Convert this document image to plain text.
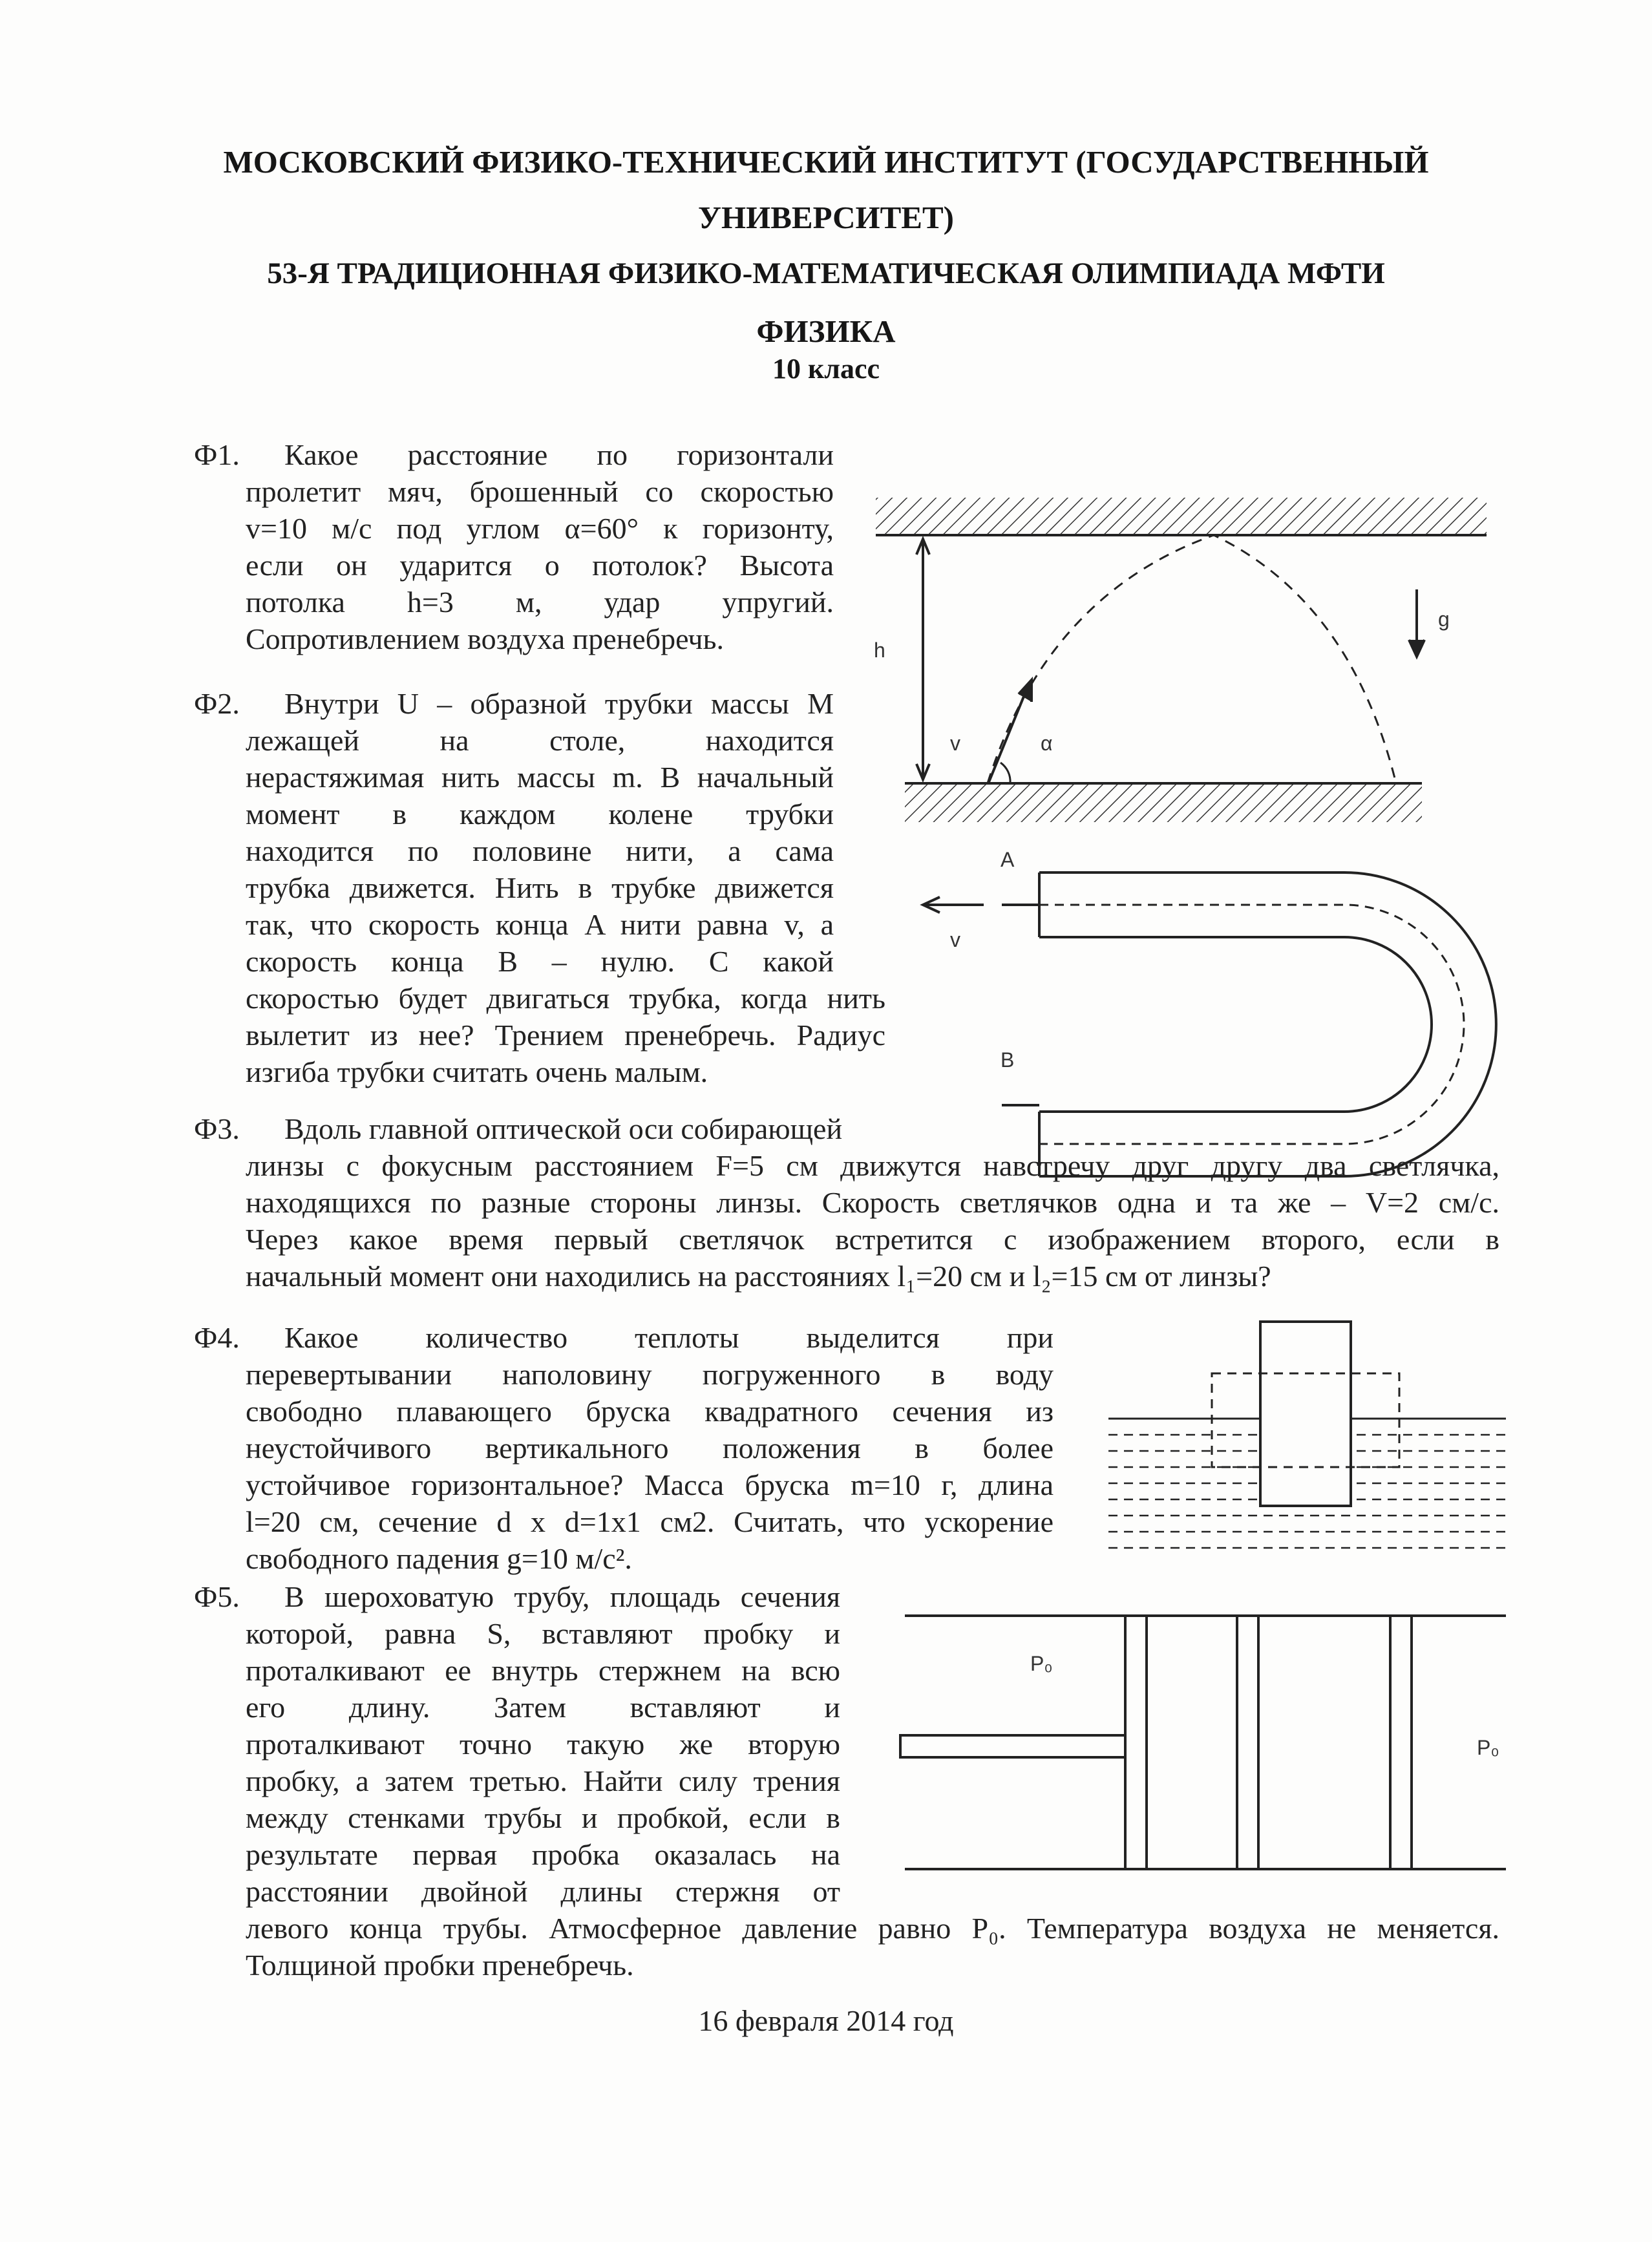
МОСКОВСКИЙ ФИЗИКО-ТЕХНИЧЕСКИЙ ИНСТИТУТ (ГОСУДАРСТВЕННЫЙ
УНИВЕРСИТЕТ)
53-Я ТРАДИЦИОННАЯ ФИЗИКО-МАТЕМАТИЧЕСКАЯ ОЛИМПИАДА МФТИ
ФИЗИКА
10 класс
Ф1. Какое расстояние по горизонтали
пролетит мяч, брошенный со скоростью
v=10 м/с под углом α=60° к горизонту,
если он ударится о потолок? Высота
потолка h=3 м, удар упругий.
Сопротивлением воздуха пренебречь.
Ф2. Внутри U – образной трубки массы M
лежащей на столе, находится
нерастяжимая нить массы m. В начальный
момент в каждом колене трубки
находится по половине нити, а сама
трубка движется. Нить в трубке движется
так, что скорость конца A нити равна v, а
скорость конца B – нулю. С какой
скоростью будет двигаться трубка, когда нить
вылетит из нее? Трением пренебречь. Радиус
изгиба трубки считать очень малым.
Ф3. Вдоль главной оптической оси собирающей
линзы с фокусным расстоянием F=5 см движутся навстречу друг другу два светлячка,
находящихся по разные стороны линзы. Скорость светлячков одна и та же – V=2 см/с.
Через какое время первый светлячок встретится с изображением второго, если в
начальный момент они находились на расстояниях l₁=20 см и l₂=15 см от линзы?
Ф4. Какое количество теплоты выделится при
перевертывании наполовину погруженного в воду
свободно плавающего бруска квадратного сечения из
неустойчивого вертикального положения в более
устойчивое горизонтальное? Масса бруска m=10 г, длина
l=20 см, сечение d x d=1x1 см2. Считать, что ускорение
свободного падения g=10 м/с².
Ф5. В шероховатую трубу, площадь сечения
которой, равна S, вставляют пробку и
проталкивают ее внутрь стержнем на всю
его длину. Затем вставляют и
проталкивают точно такую же вторую
пробку, а затем третью. Найти силу трения
между стенками трубы и пробкой, если в
результате первая пробка оказалась на
расстоянии двойной длины стержня от
левого конца трубы. Атмосферное давление равно P₀. Температура воздуха не меняется.
Толщиной пробки пренебречь.
16 февраля 2014 год
h
g
v	α
A
B
v
P₀
P₀
